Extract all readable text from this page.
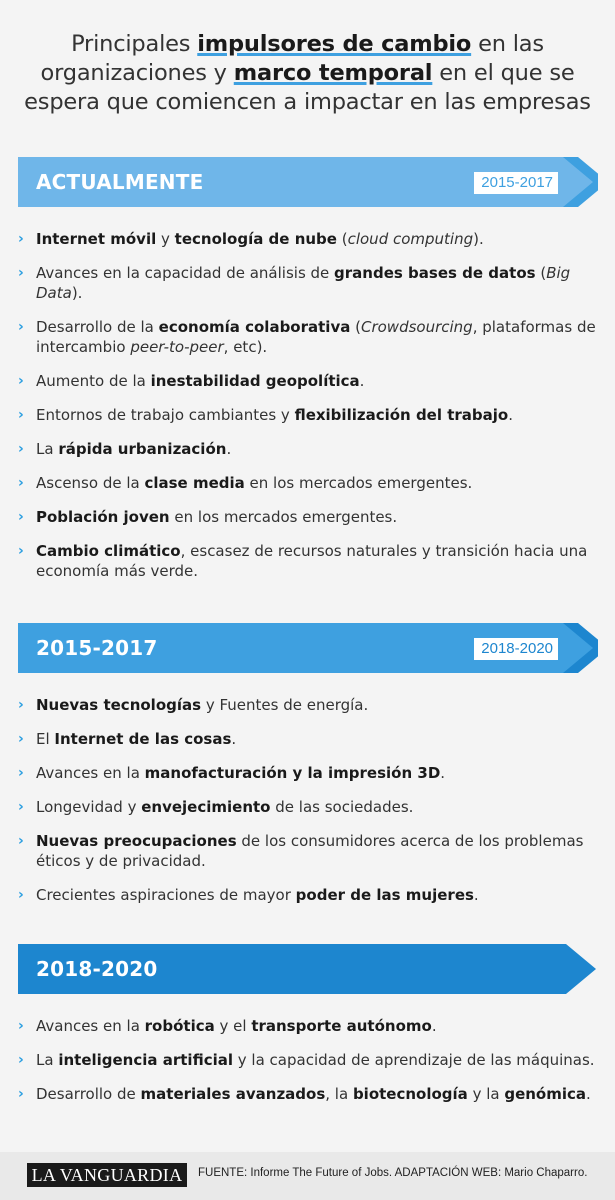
Principales impulsores de cambio en las organizaciones y marco temporal en el que se espera que comiencen a impactar en las empresas
ACTUALMENTE	2015-2017
› Internet móvil y tecnología de nube (cloud computing).
› Avances en la capacidad de análisis de grandes bases de datos (Big Data).
› Desarrollo de la economía colaborativa (Crowdsourcing, plataformas de intercambio peer-to-peer, etc).
› Aumento de la inestabilidad geopolítica.
› Entornos de trabajo cambiantes y flexibilización del trabajo.
› La rápida urbanización.
› Ascenso de la clase media en los mercados emergentes.
› Población joven en los mercados emergentes.
› Cambio climático, escasez de recursos naturales y transición hacia una economía más verde.
2015-2017	2018-2020
› Nuevas tecnologías y Fuentes de energía.
› El Internet de las cosas.
› Avances en la manofacturación y la impresión 3D.
› Longevidad y envejecimiento de las sociedades.
› Nuevas preocupaciones de los consumidores acerca de los problemas éticos y de privacidad.
› Crecientes aspiraciones de mayor poder de las mujeres.
2018-2020
› Avances en la robótica y el transporte autónomo.
› La inteligencia artificial y la capacidad de aprendizaje de las máquinas.
› Desarrollo de materiales avanzados, la biotecnología y la genómica.
LA VANGUARDIA	FUENTE: Informe The Future of Jobs. ADAPTACIÓN WEB: Mario Chaparro.
